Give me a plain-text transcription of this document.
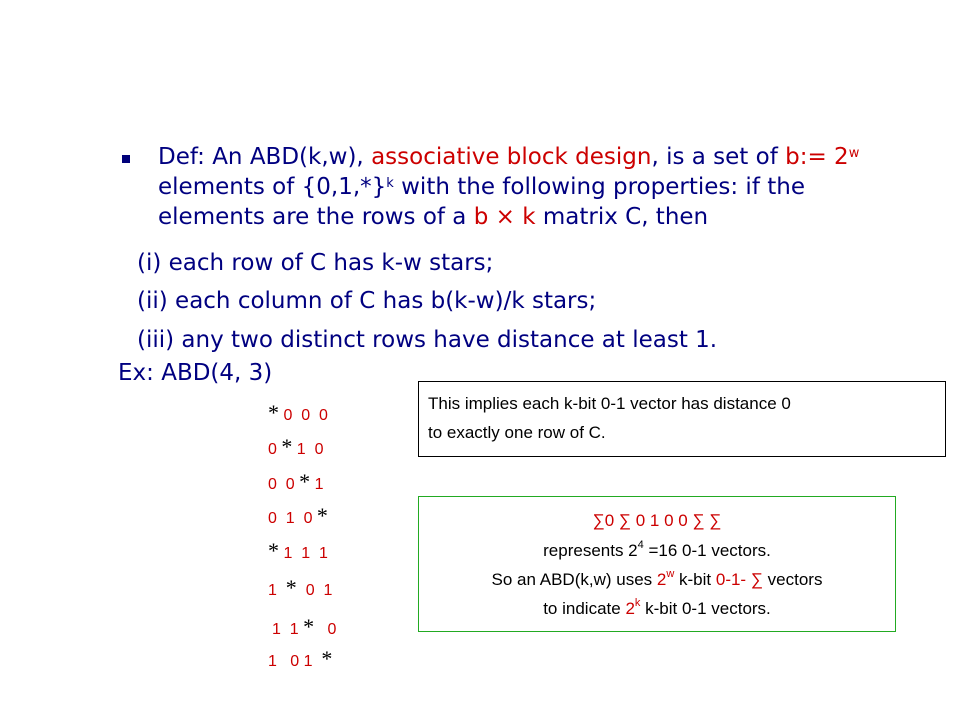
Def: An ABD(k,w), associative block design, is a set of b:= $2^w$ elements of $\{0,1,*\}^k$ with the following properties: if the elements are the rows of a b × k matrix C, then
(i) each row of C has k-w stars;
(ii) each column of C has b(k-w)/k stars;
(iii) any two distinct rows have distance at least 1.
Ex: ABD(4, 3)
* 0  0  0
0 * 1  0
0  0 * 1
0  1  0 *
* 1  1  1
1  *  0  1
1  1 *   0
1   0 1  *
This implies each k-bit 0-1 vector has distance 0
to exactly one row of C.
∑0 ∑ 0 1 0 0 ∑ ∑
represents $2^4 =16$ 0-1 vectors.
So an ABD(k,w) uses 2$^w$ k-bit 0-1- ∑ vectors
to indicate 2$^k$ k-bit 0-1 vectors.
